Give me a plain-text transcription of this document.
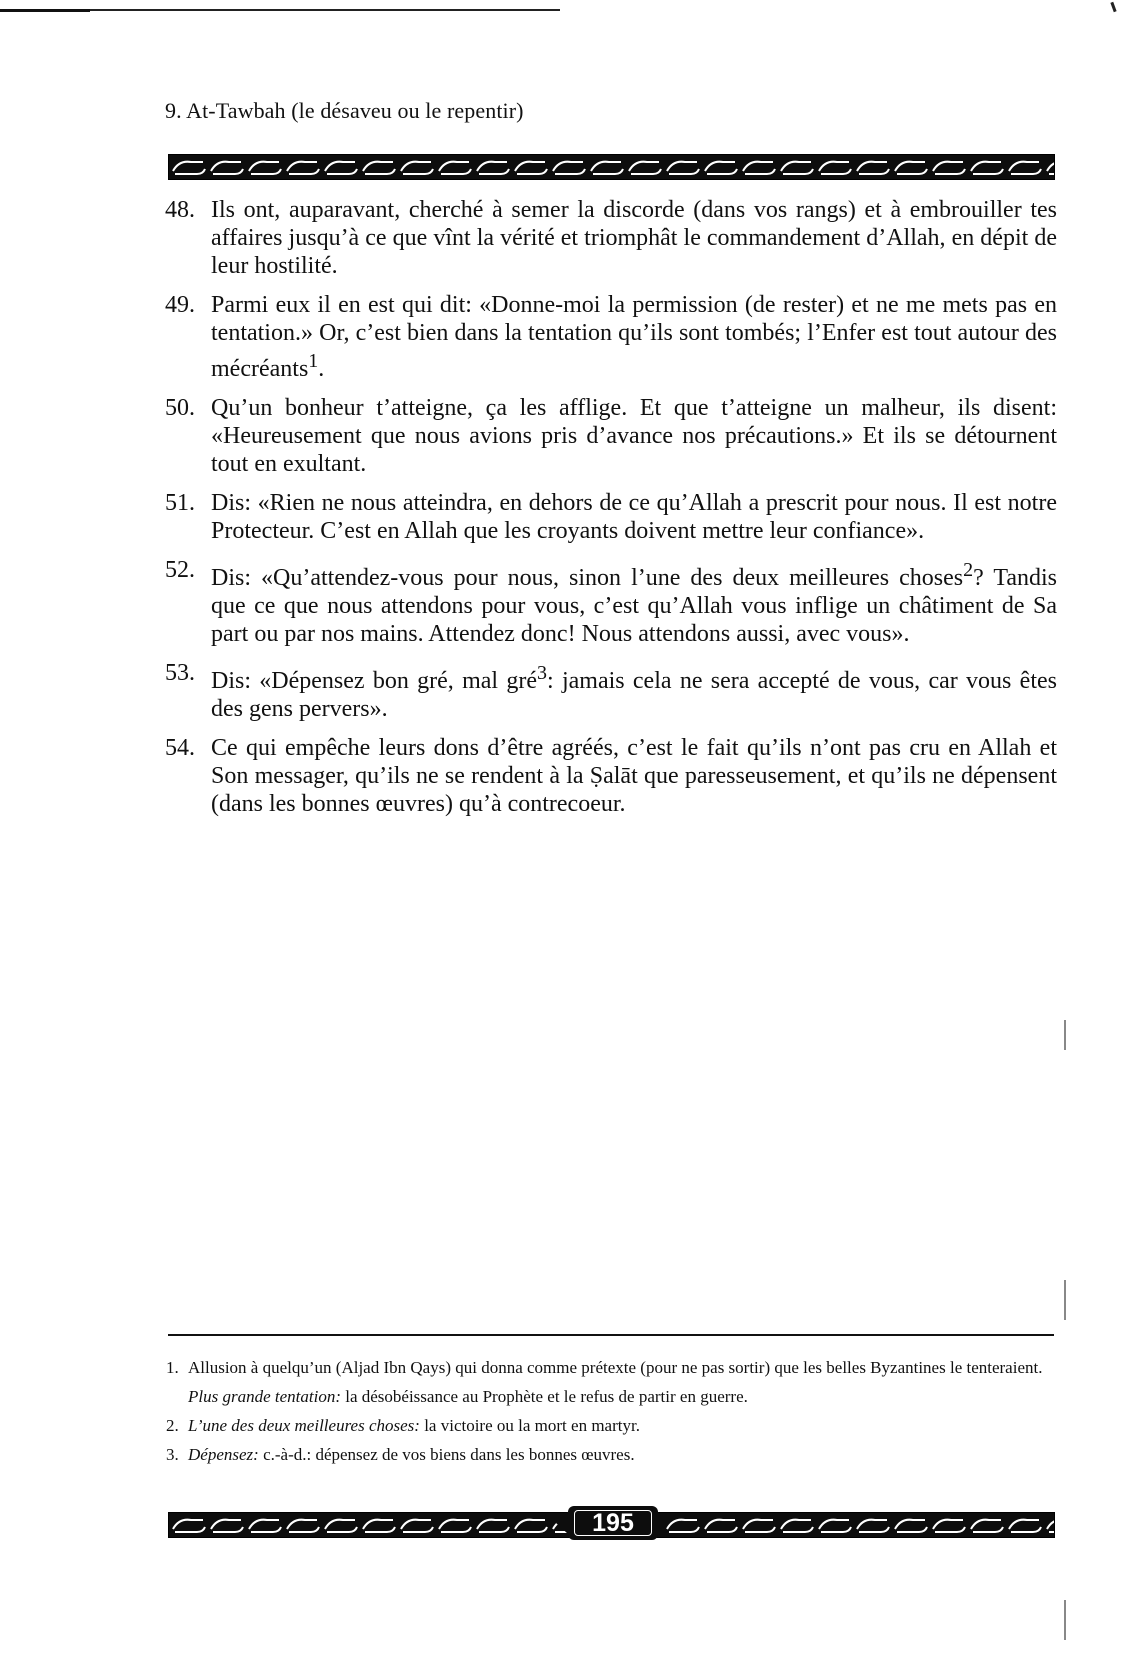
9. At-Tawbah (le désaveu ou le repentir)
48. Ils ont, auparavant, cherché à semer la discorde (dans vos rangs) et à embrouiller tes affaires jusqu’à ce que vînt la vérité et triomphât le commandement d’Allah, en dépit de leur hostilité.
49. Parmi eux il en est qui dit: «Donne-moi la permission (de rester) et ne me mets pas en tentation.» Or, c’est bien dans la tentation qu’ils sont tombés; l’Enfer est tout autour des mécréants$^1$.
50. Qu’un bonheur t’atteigne, ça les afflige. Et que t’atteigne un malheur, ils disent: «Heureusement que nous avions pris d’avance nos précautions.» Et ils se détournent tout en exultant.
51. Dis: «Rien ne nous atteindra, en dehors de ce qu’Allah a prescrit pour nous. Il est notre Protecteur. C’est en Allah que les croyants doivent mettre leur confiance».
52. Dis: «Qu’attendez-vous pour nous, sinon l’une des deux meilleures choses$^2$? Tandis que ce que nous attendons pour vous, c’est qu’Allah vous inflige un châtiment de Sa part ou par nos mains. Attendez donc! Nous attendons aussi, avec vous».
53. Dis: «Dépensez bon gré, mal gré$^3$: jamais cela ne sera accepté de vous, car vous êtes des gens pervers».
54. Ce qui empêche leurs dons d’être agréés, c’est le fait qu’ils n’ont pas cru en Allah et Son messager, qu’ils ne se rendent à la Ṣalāt que paresseusement, et qu’ils ne dépensent (dans les bonnes œuvres) qu’à contrecoeur.
1. Allusion à quelqu’un (Aljad Ibn Qays) qui donna comme prétexte (pour ne pas sortir) que les belles Byzantines le tenteraient.
Plus grande tentation: la désobéissance au Prophète et le refus de partir en guerre.
2. L’une des deux meilleures choses: la victoire ou la mort en martyr.
3. Dépensez: c.-à-d.: dépensez de vos biens dans les bonnes œuvres.
195
